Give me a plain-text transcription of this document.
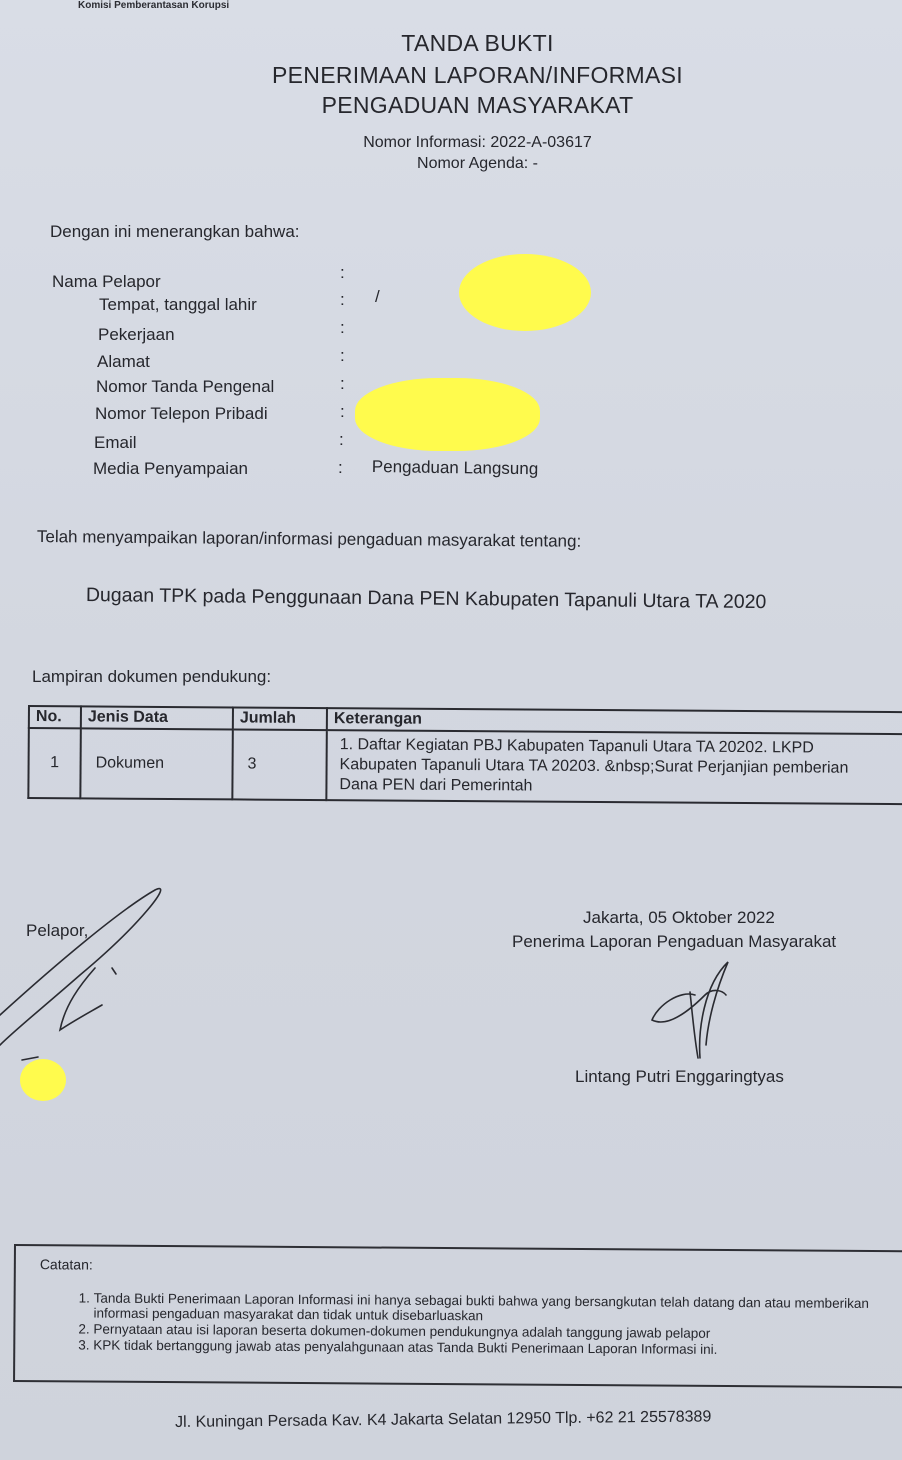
Komisi Pemberantasan Korupsi
TANDA BUKTI
PENERIMAAN LAPORAN/INFORMASI
PENGADUAN MASYARAKAT
Nomor Informasi: 2022-A-03617
Nomor Agenda: -
Dengan ini menerangkan bahwa:
Nama Pelapor	:
Tempat, tanggal lahir	: /
Pekerjaan	:
Alamat	:
Nomor Tanda Pengenal	:
Nomor Telepon Pribadi	:
Email	:
Media Penyampaian	: Pengaduan Langsung
Telah menyampaikan laporan/informasi pengaduan masyarakat tentang:
Dugaan TPK pada Penggunaan Dana PEN Kabupaten Tapanuli Utara TA 2020
Lampiran dokumen pendukung:
No.	Jenis Data	Jumlah	Keterangan
1	Dokumen	3	1. Daftar Kegiatan PBJ Kabupaten Tapanuli Utara TA 20202. LKPD Kabupaten Tapanuli Utara TA 20203. &nbsp;Surat Perjanjian pemberian Dana PEN dari Pemerintah
Pelapor,
Jakarta, 05 Oktober 2022
Penerima Laporan Pengaduan Masyarakat
Lintang Putri Enggaringtyas
Catatan:
1. Tanda Bukti Penerimaan Laporan Informasi ini hanya sebagai bukti bahwa yang bersangkutan telah datang dan atau memberikan informasi pengaduan masyarakat dan tidak untuk disebarluaskan
2. Pernyataan atau isi laporan beserta dokumen-dokumen pendukungnya adalah tanggung jawab pelapor
3. KPK tidak bertanggung jawab atas penyalahgunaan atas Tanda Bukti Penerimaan Laporan Informasi ini.
Jl. Kuningan Persada Kav. K4 Jakarta Selatan 12950 Tlp. +62 21 25578389
